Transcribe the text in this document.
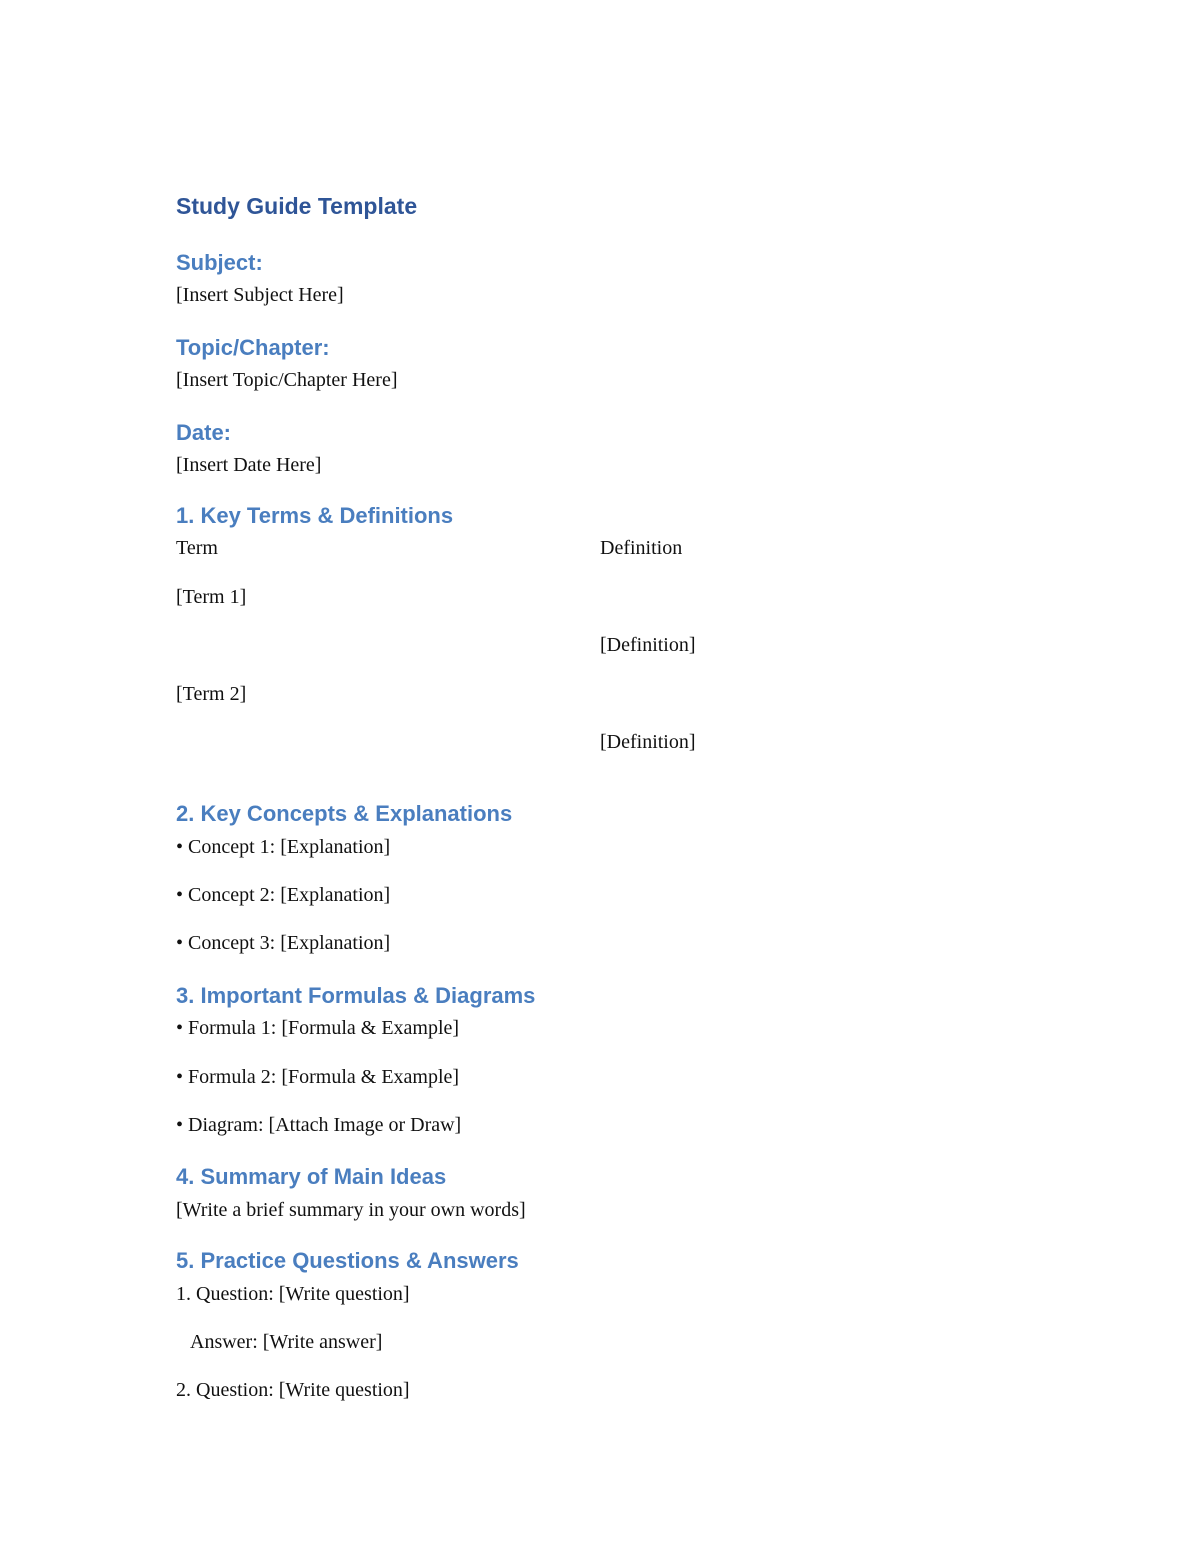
Study Guide Template
Subject:
[Insert Subject Here]
Topic/Chapter:
[Insert Topic/Chapter Here]
Date:
[Insert Date Here]
1. Key Terms & Definitions
Term	Definition
[Term 1]
[Definition]
[Term 2]
[Definition]
2. Key Concepts & Explanations
• Concept 1: [Explanation]
• Concept 2: [Explanation]
• Concept 3: [Explanation]
3. Important Formulas & Diagrams
• Formula 1: [Formula & Example]
• Formula 2: [Formula & Example]
• Diagram: [Attach Image or Draw]
4. Summary of Main Ideas
[Write a brief summary in your own words]
5. Practice Questions & Answers
1. Question: [Write question]
Answer: [Write answer]
2. Question: [Write question]
